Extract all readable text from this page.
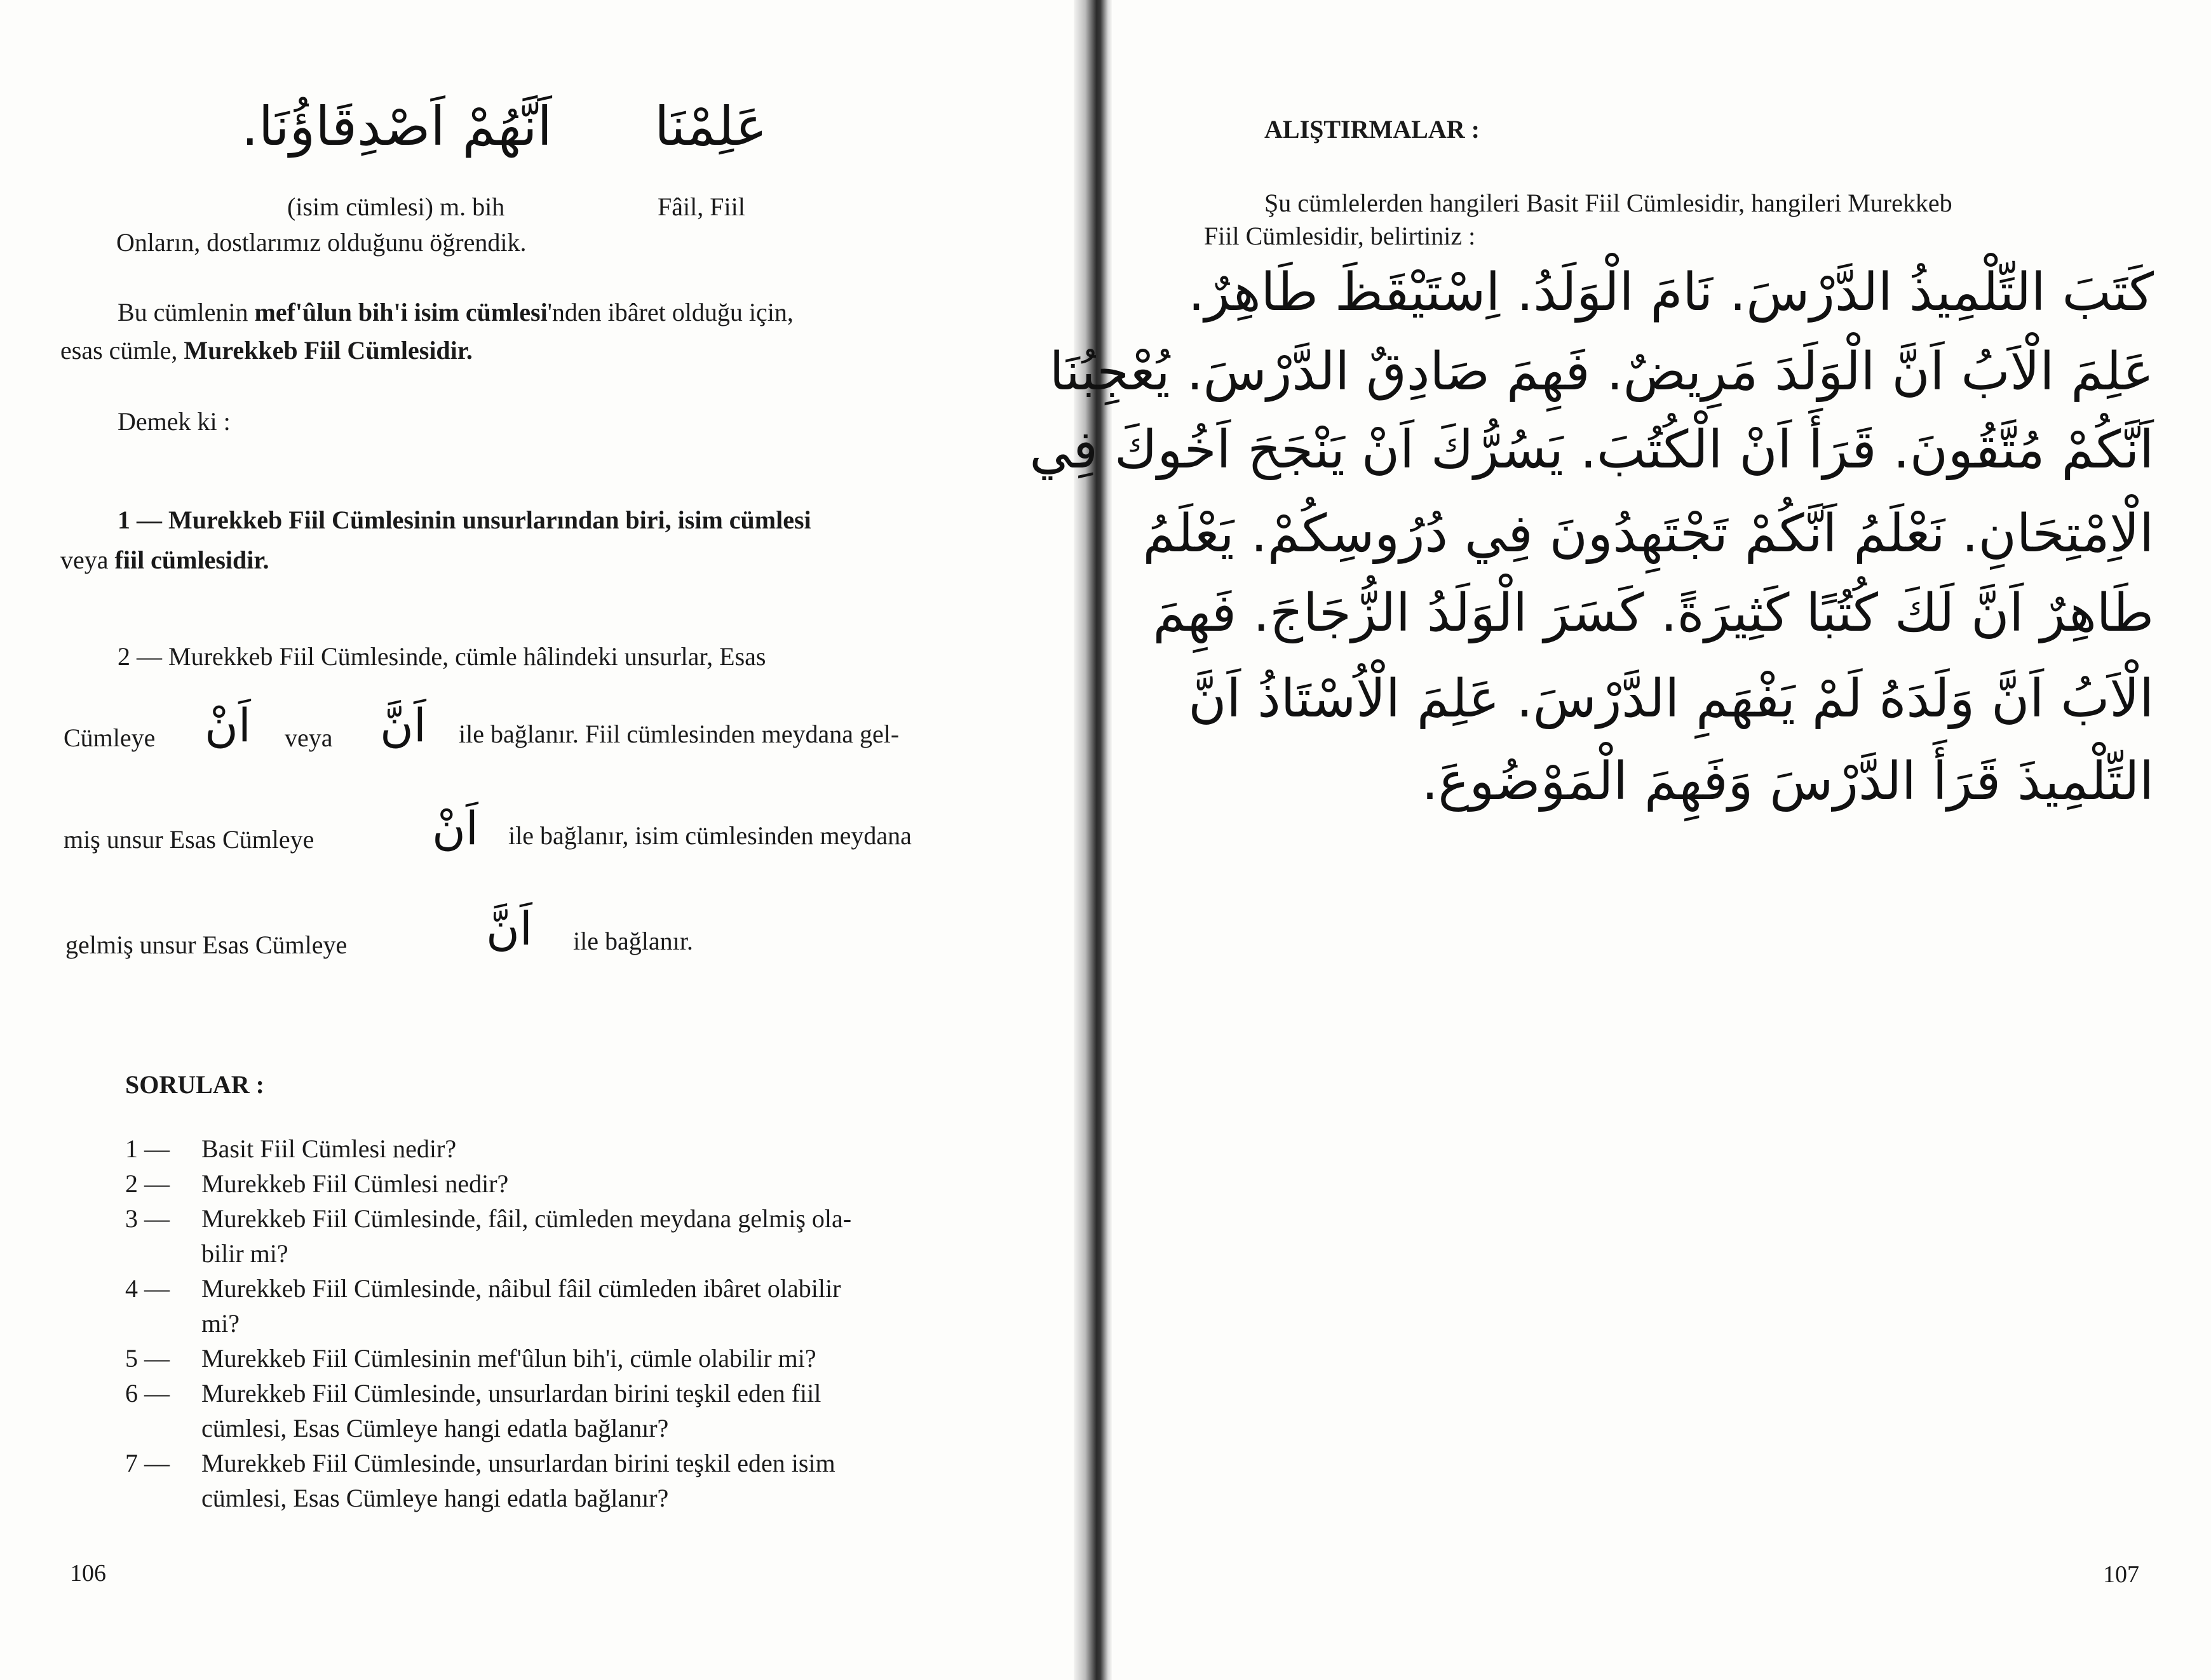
اَنَّهُمْ اَصْدِقَاؤُنَا. عَلِمْنَا
(isim cümlesi) m. bih	Fâil, Fiil
Onların, dostlarımız olduğunu öğrendik.
Bu cümlenin mef'ûlun bih'i isim cümlesi'nden ibâret olduğu için,
esas cümle, Murekkeb Fiil Cümlesidir.
Demek ki :
1 — Murekkeb Fiil Cümlesinin unsurlarından biri, isim cümlesi
veya fiil cümlesidir.
2 — Murekkeb Fiil Cümlesinde, cümle hâlindeki unsurlar, Esas
Cümleye اَنْ veya اَنَّ ile bağlanır. Fiil cümlesinden meydana gel-
miş unsur Esas Cümleye	اَنْ ile bağlanır, isim cümlesinden meydana
gelmiş unsur Esas Cümleye	اَنَّ ile bağlanır.
SORULAR :
1 — Basit Fiil Cümlesi nedir?
2 — Murekkeb Fiil Cümlesi nedir?
3 — Murekkeb Fiil Cümlesinde, fâil, cümleden meydana gelmiş ola-
bilir mi?
4 — Murekkeb Fiil Cümlesinde, nâibul fâil cümleden ibâret olabilir
mi?
5 — Murekkeb Fiil Cümlesinin mef'ûlun bih'i, cümle olabilir mi?
6 — Murekkeb Fiil Cümlesinde, unsurlardan birini teşkil eden fiil
cümlesi, Esas Cümleye hangi edatla bağlanır?
7 — Murekkeb Fiil Cümlesinde, unsurlardan birini teşkil eden isim
cümlesi, Esas Cümleye hangi edatla bağlanır?
106
ALIŞTIRMALAR :
Şu cümlelerden hangileri Basit Fiil Cümlesidir, hangileri Murekkeb
Fiil Cümlesidir, belirtiniz :
كَتَبَ التِّلْمِيذُ الدَّرْسَ. نَامَ الْوَلَدُ. اِسْتَيْقَظَ طَاهِرٌ.
عَلِمَ الْاَبُ اَنَّ الْوَلَدَ مَرِيضٌ. فَهِمَ صَادِقٌ الدَّرْسَ. يُعْجِبُنَا
اَنَّكُمْ مُتَّقُونَ. قَرَأَ اَنْ الْكُتُبَ. يَسُرُّكَ اَنْ يَنْجَحَ اَخُوكَ فِي
الْاِمْتِحَانِ. نَعْلَمُ اَنَّكُمْ تَجْتَهِدُونَ فِي دُرُوسِكُمْ. يَعْلَمُ
طَاهِرٌ اَنَّ لَكَ كُتُبًا كَثِيرَةً. كَسَرَ الْوَلَدُ الزُّجَاجَ. فَهِمَ
الْاَبُ اَنَّ وَلَدَهُ لَمْ يَفْهَمِ الدَّرْسَ. عَلِمَ الْاُسْتَاذُ اَنَّ
التِّلْمِيذَ قَرَأَ الدَّرْسَ وَفَهِمَ الْمَوْضُوعَ.
107
